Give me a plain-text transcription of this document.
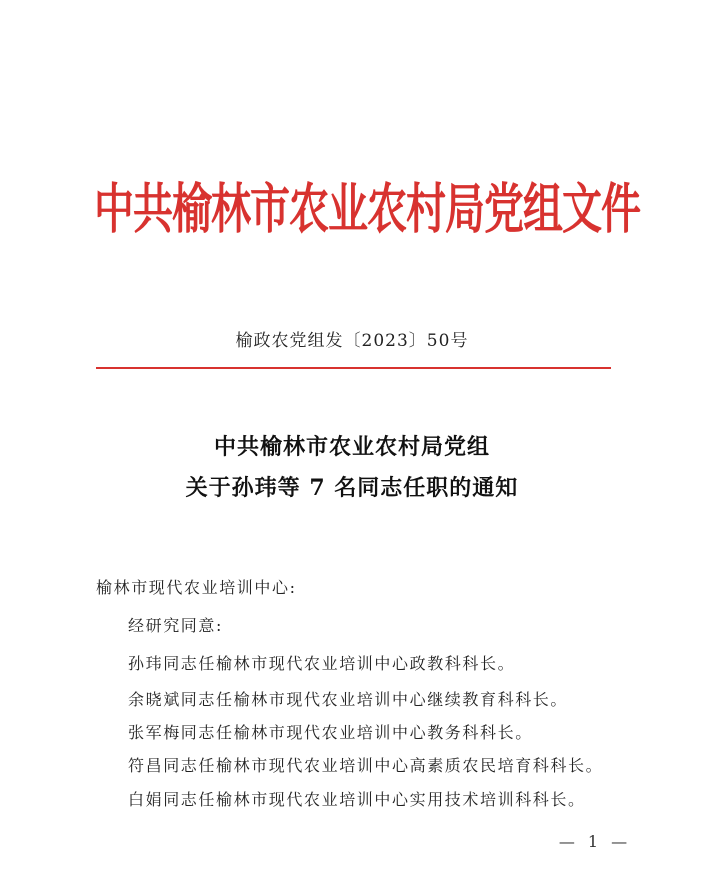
中共榆林市农业农村局党组文件
榆政农党组发〔2023〕50号
中共榆林市农业农村局党组
关于孙玮等 7 名同志任职的通知
榆林市现代农业培训中心:
经研究同意:
孙玮同志任榆林市现代农业培训中心政教科科长。
余晓斌同志任榆林市现代农业培训中心继续教育科科长。
张军梅同志任榆林市现代农业培训中心教务科科长。
符昌同志任榆林市现代农业培训中心高素质农民培育科科长。
白娟同志任榆林市现代农业培训中心实用技术培训科科长。
— 1 —
